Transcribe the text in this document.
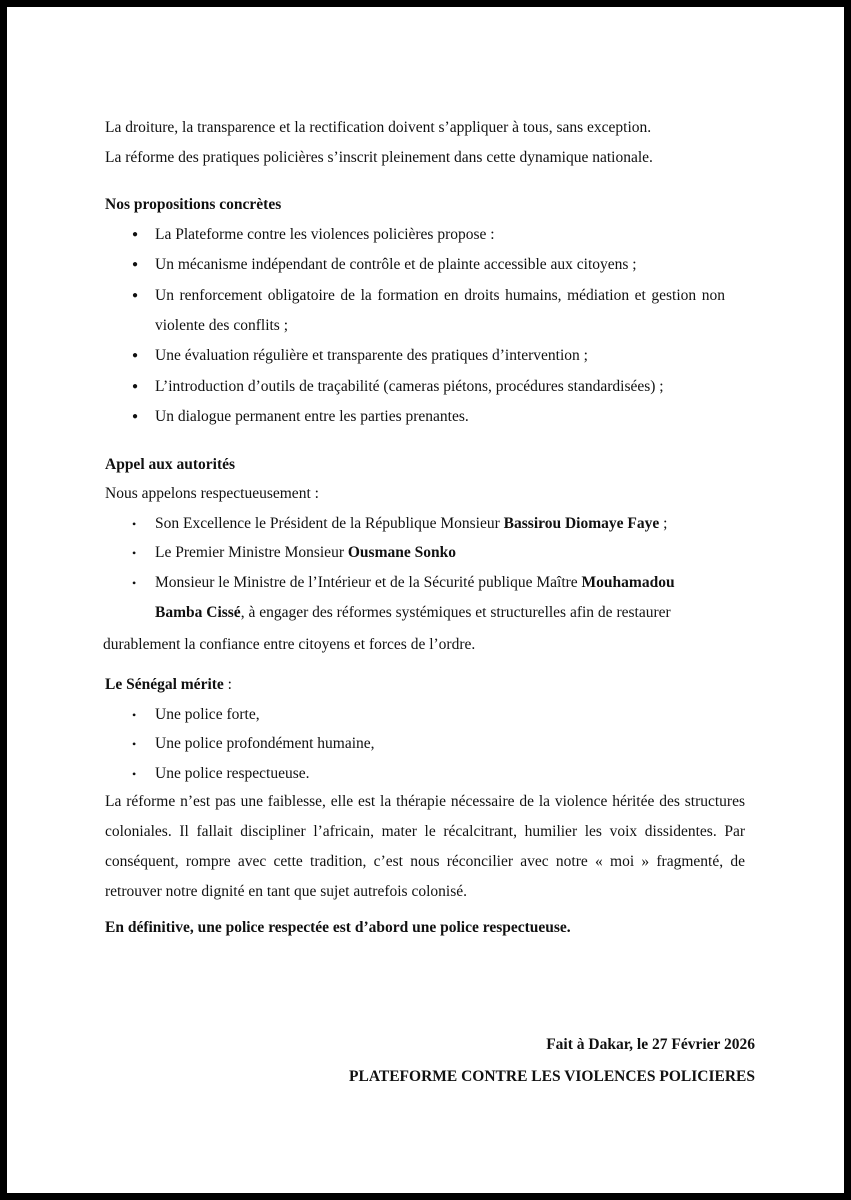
La droiture, la transparence et la rectification doivent s’appliquer à tous, sans exception.
La réforme des pratiques policières s’inscrit pleinement dans cette dynamique nationale.
Nos propositions concrètes
● La Plateforme contre les violences policières propose :
● Un mécanisme indépendant de contrôle et de plainte accessible aux citoyens ;
● Un renforcement obligatoire de la formation en droits humains, médiation et gestion non violente des conflits ;
● Une évaluation régulière et transparente des pratiques d’intervention ;
● L’introduction d’outils de traçabilité (cameras piétons, procédures standardisées) ;
● Un dialogue permanent entre les parties prenantes.
Appel aux autorités
Nous appelons respectueusement :
• Son Excellence le Président de la République Monsieur Bassirou Diomaye Faye ;
• Le Premier Ministre Monsieur Ousmane Sonko
• Monsieur le Ministre de l’Intérieur et de la Sécurité publique Maître Mouhamadou
Bamba Cissé, à engager des réformes systémiques et structurelles afin de restaurer
durablement la confiance entre citoyens et forces de l’ordre.
Le Sénégal mérite :
• Une police forte,
• Une police profondément humaine,
• Une police respectueuse.
La réforme n’est pas une faiblesse, elle est la thérapie nécessaire de la violence héritée des structures coloniales. Il fallait discipliner l’africain, mater le récalcitrant, humilier les voix dissidentes. Par conséquent, rompre avec cette tradition, c’est nous réconcilier avec notre « moi » fragmenté, de retrouver notre dignité en tant que sujet autrefois colonisé.
En définitive, une police respectée est d’abord une police respectueuse.
Fait à Dakar, le 27 Février 2026
PLATEFORME CONTRE LES VIOLENCES POLICIERES
